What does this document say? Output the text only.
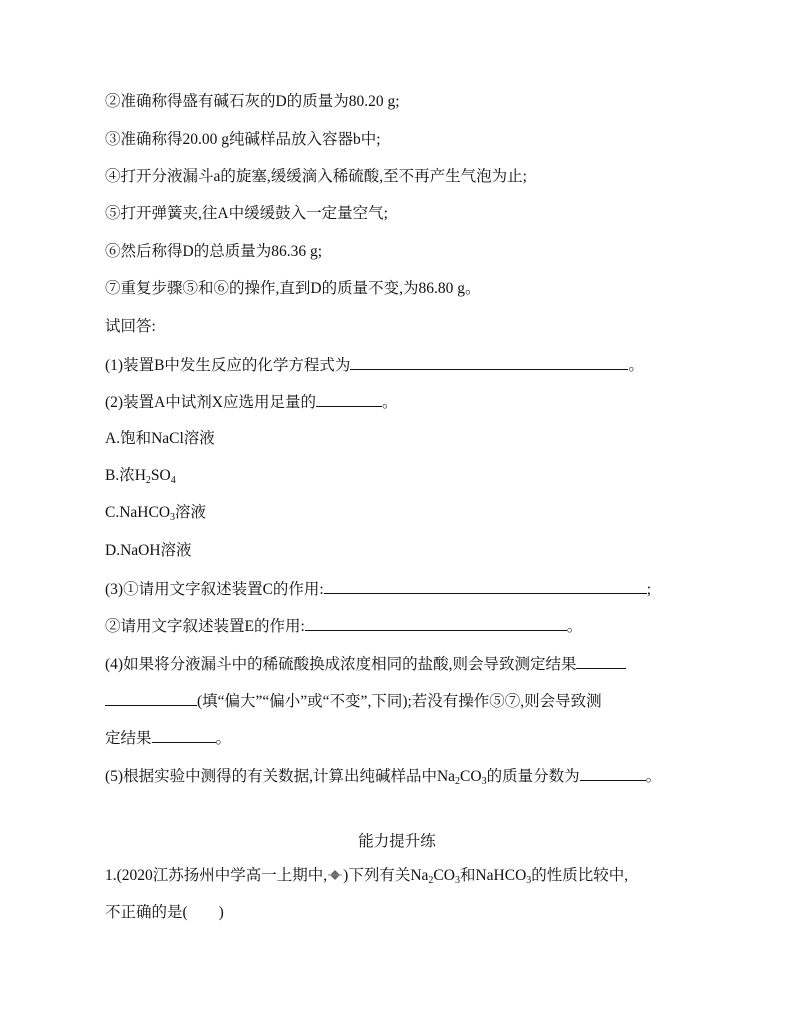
②准确称得盛有碱石灰的D的质量为80.20 g;
③准确称得20.00 g纯碱样品放入容器b中;
④打开分液漏斗a的旋塞,缓缓滴入稀硫酸,至不再产生气泡为止;
⑤打开弹簧夹,往A中缓缓鼓入一定量空气;
⑥然后称得D的总质量为86.36 g;
⑦重复步骤⑤和⑥的操作,直到D的质量不变,为86.80 g。
试回答:
(1)装置B中发生反应的化学方程式为	。
(2)装置A中试剂X应选用足量的	。
A.饱和NaCl溶液
B.浓$H_2SO_4$
C.NaHCO$_3$溶液
D.NaOH溶液
(3)①请用文字叙述装置C的作用:	;
②请用文字叙述装置E的作用:	。
(4)如果将分液漏斗中的稀硫酸换成浓度相同的盐酸,则会导致测定结果
(填“偏大”“偏小”或“不变”,下同);若没有操作⑤⑦,则会导致测
定结果	。
(5)根据实验中测得的有关数据,计算出纯碱样品中$Na_2CO_3$的质量分数为	。
能力提升练
1.(2020江苏扬州中学高一上期中, )下列有关$Na_2CO_3$和NaHCO$_3$的性质比较中,
不正确的是(　　)
